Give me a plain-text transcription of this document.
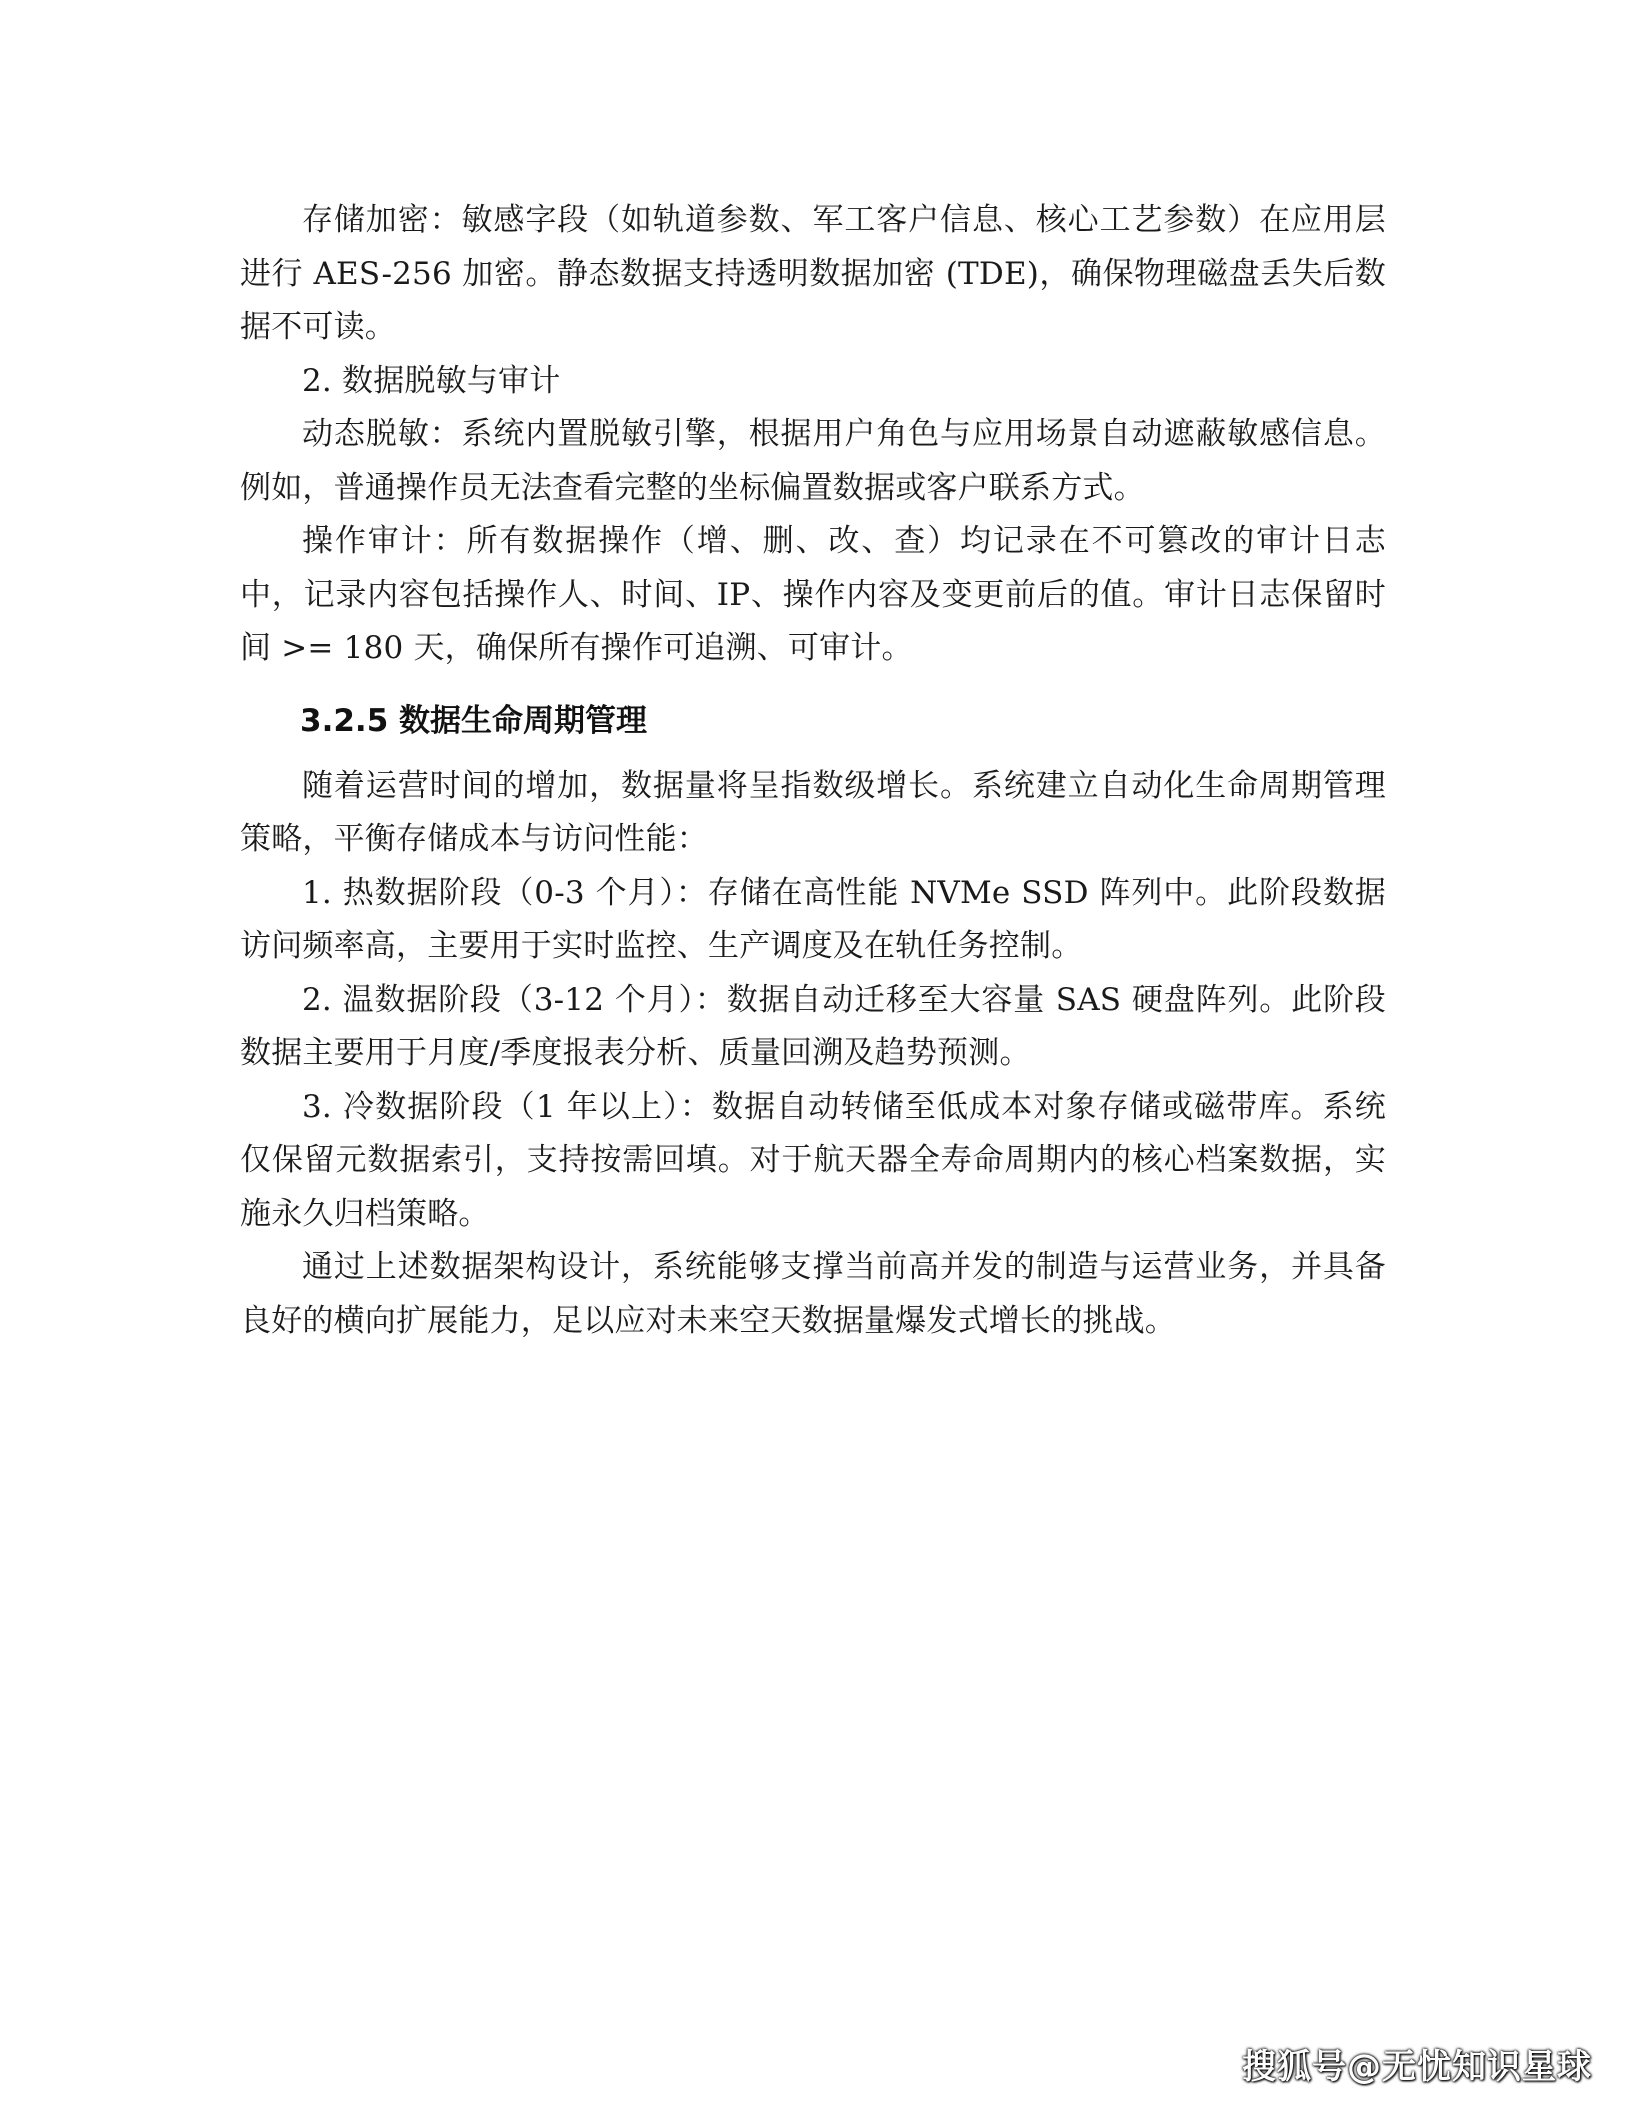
存储加密：敏感字段（如轨道参数、军工客户信息、核心工艺参数）在应用层进行 AES-256 加密。静态数据支持透明数据加密 (TDE)，确保物理磁盘丢失后数据不可读。

2. 数据脱敏与审计

动态脱敏：系统内置脱敏引擎，根据用户角色与应用场景自动遮蔽敏感信息。例如，普通操作员无法查看完整的坐标偏置数据或客户联系方式。

操作审计：所有数据操作（增、删、改、查）均记录在不可篡改的审计日志中，记录内容包括操作人、时间、IP、操作内容及变更前后的值。审计日志保留时间 >= 180 天，确保所有操作可追溯、可审计。

3.2.5 数据生命周期管理

随着运营时间的增加，数据量将呈指数级增长。系统建立自动化生命周期管理策略，平衡存储成本与访问性能：

1. 热数据阶段（0-3 个月）：存储在高性能 NVMe SSD 阵列中。此阶段数据访问频率高，主要用于实时监控、生产调度及在轨任务控制。

2. 温数据阶段（3-12 个月）：数据自动迁移至大容量 SAS 硬盘阵列。此阶段数据主要用于月度/季度报表分析、质量回溯及趋势预测。

3. 冷数据阶段（1 年以上）：数据自动转储至低成本对象存储或磁带库。系统仅保留元数据索引，支持按需回填。对于航天器全寿命周期内的核心档案数据，实施永久归档策略。

通过上述数据架构设计，系统能够支撑当前高并发的制造与运营业务，并具备良好的横向扩展能力，足以应对未来空天数据量爆发式增长的挑战。

搜狐号@无忧知识星球
